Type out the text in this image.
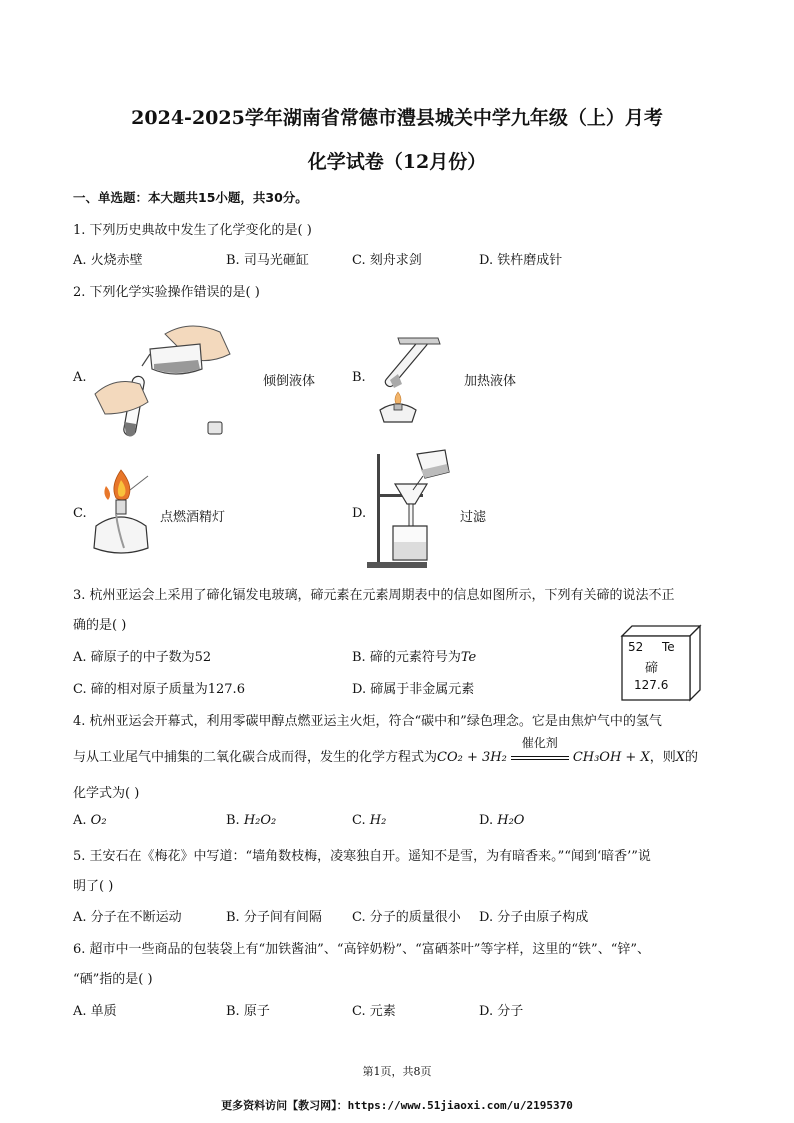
2024-2025学年湖南省常德市澧县城关中学九年级（上）月考
化学试卷（12月份）
一、单选题：本大题共15小题，共30分。
1. 下列历史典故中发生了化学变化的是( )
A. 火烧赤壁	B. 司马光砸缸	C. 刻舟求剑	D. 铁杵磨成针
2. 下列化学实验操作错误的是( )
A.	倾倒液体	B.	加热液体
C.	点燃酒精灯	D.	过滤
3. 杭州亚运会上采用了碲化镉发电玻璃，碲元素在元素周期表中的信息如图所示，下列有关碲的说法不正
确的是( )
A. 碲原子的中子数为52	B. 碲的元素符号为Te
C. 碲的相对原子质量为127.6	D. 碲属于非金属元素
52 Te
碲
127.6
4. 杭州亚运会开幕式，利用零碳甲醇点燃亚运主火炬，符合“碳中和”绿色理念。它是由焦炉气中的氢气
与从工业尾气中捕集的二氧化碳合成而得，发生的化学方程式为CO₂ + 3H₂
催化剂
CH₃OH + X，则X的
化学式为( )
A. O₂	B. H₂O₂	C. H₂	D. H₂O
5. 王安石在《梅花》中写道：“墙角数枝梅，凌寒独自开。遥知不是雪，为有暗香来。”“闻到‘暗香’”说
明了( )
A. 分子在不断运动	B. 分子间有间隔 C. 分子的质量很小 D. 分子由原子构成
6. 超市中一些商品的包装袋上有“加铁酱油”、“高锌奶粉”、“富硒茶叶”等字样，这里的“铁”、“锌”、
“硒”指的是( )
A. 单质	B. 原子	C. 元素	D. 分子
第1页，共8页
更多资料访问【教习网】：https://www.51jiaoxi.com/u/2195370
